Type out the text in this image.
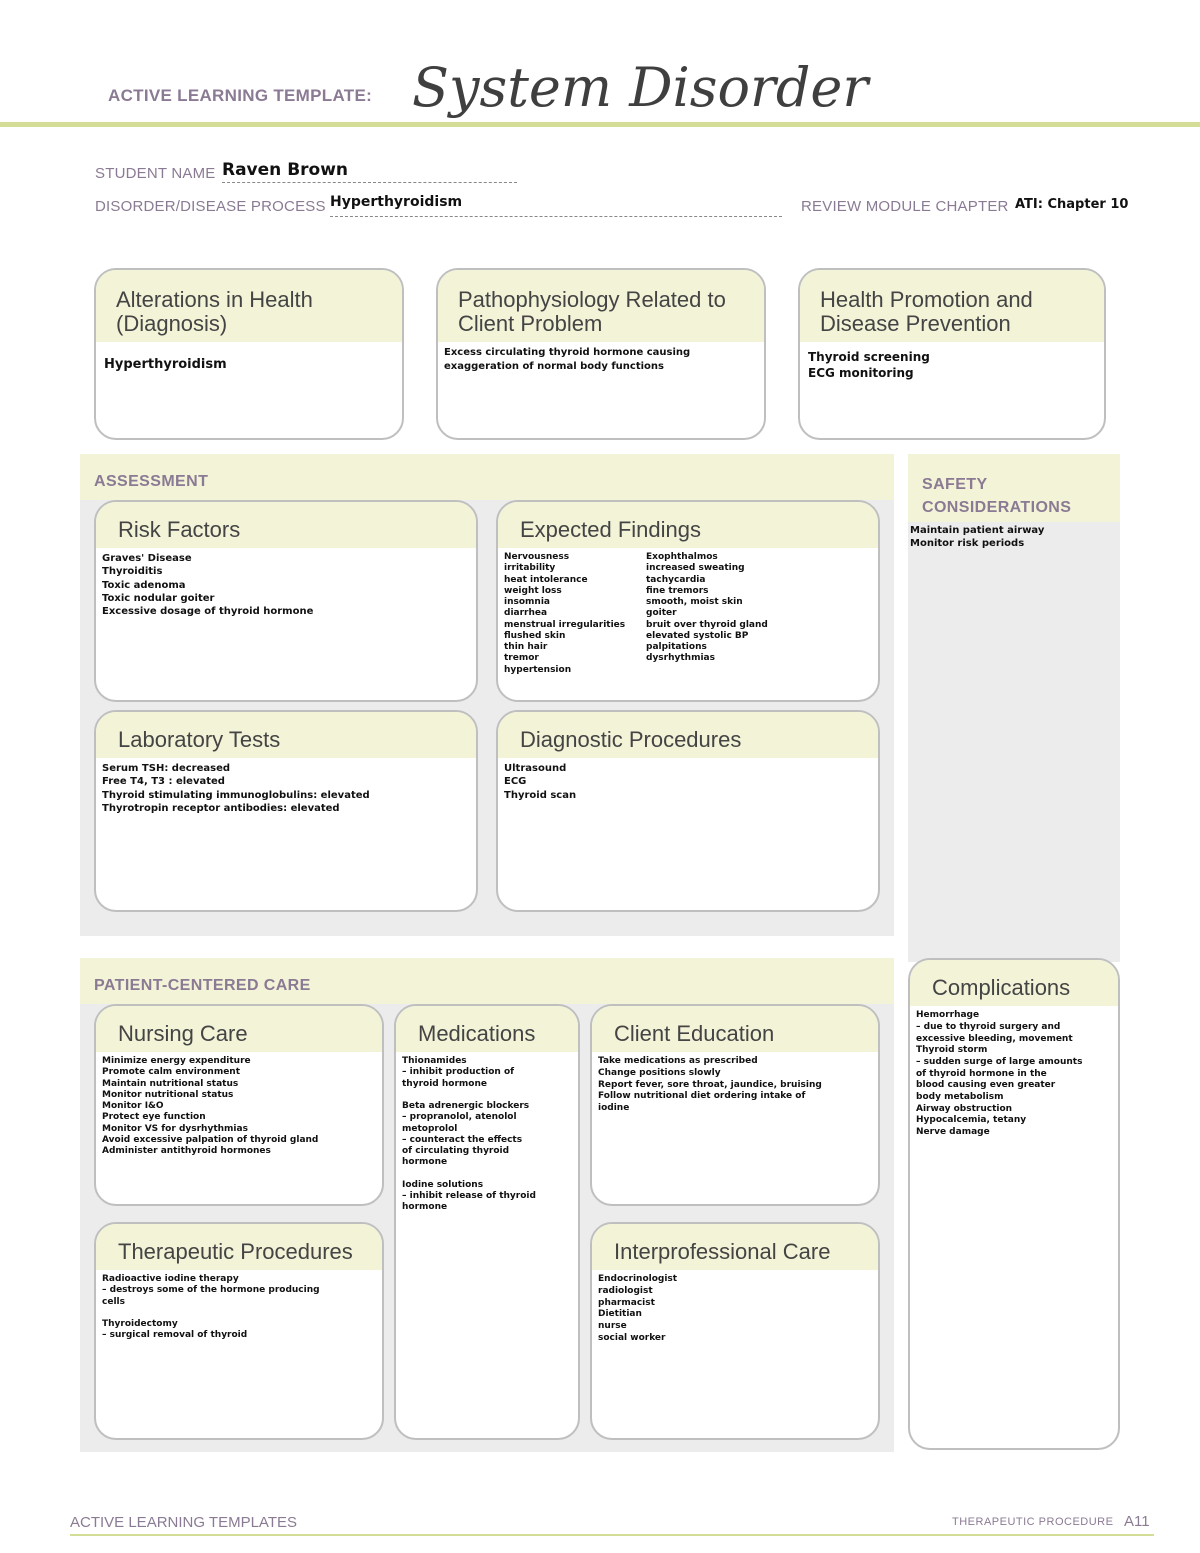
ACTIVE LEARNING TEMPLATE: System Disorder
STUDENT NAME Raven Brown
DISORDER/DISEASE PROCESS Hyperthyroidism	REVIEW MODULE CHAPTER ATI: Chapter 10
Alterations in Health (Diagnosis)
Hyperthyroidism
Pathophysiology Related to Client Problem
Excess circulating thyroid hormone causing
exaggeration of normal body functions
Health Promotion and Disease Prevention
Thyroid screening
ECG monitoring
ASSESSMENT
Risk Factors
Graves' Disease
Thyroiditis
Toxic adenoma
Toxic nodular goiter
Excessive dosage of thyroid hormone
Expected Findings
Nervousness
irritability
heat intolerance
weight loss
insomnia
diarrhea
menstrual irregularities
flushed skin
thin hair
tremor
hypertension
Exophthalmos
increased sweating
tachycardia
fine tremors
smooth, moist skin
goiter
bruit over thyroid gland
elevated systolic BP
palpitations
dysrhythmias
Laboratory Tests
Serum TSH: decreased
Free T4, T3 : elevated
Thyroid stimulating immunoglobulins: elevated
Thyrotropin receptor antibodies: elevated
Diagnostic Procedures
Ultrasound
ECG
Thyroid scan
SAFETY CONSIDERATIONS
Maintain patient airway
Monitor risk periods
PATIENT-CENTERED CARE
Nursing Care
Minimize energy expenditure
Promote calm environment
Maintain nutritional status
Monitor nutritional status
Monitor I&O
Protect eye function
Monitor VS for dysrhythmias
Avoid excessive palpation of thyroid gland
Administer antithyroid hormones
Medications
Thionamides
– inhibit production of
thyroid hormone

Beta adrenergic blockers
– propranolol, atenolol
metoprolol
– counteract the effects
of circulating thyroid
hormone

Iodine solutions
– inhibit release of thyroid
hormone
Client Education
Take medications as prescribed
Change positions slowly
Report fever, sore throat, jaundice, bruising
Follow nutritional diet ordering intake of
iodine
Therapeutic Procedures
Radioactive iodine therapy
– destroys some of the hormone producing
cells

Thyroidectomy
– surgical removal of thyroid
Interprofessional Care
Endocrinologist
radiologist
pharmacist
Dietitian
nurse
social worker
Complications
Hemorrhage
– due to thyroid surgery and
excessive bleeding, movement
Thyroid storm
– sudden surge of large amounts
of thyroid hormone in the
blood causing even greater
body metabolism
Airway obstruction
Hypocalcemia, tetany
Nerve damage
ACTIVE LEARNING TEMPLATES	THERAPEUTIC PROCEDURE A11
